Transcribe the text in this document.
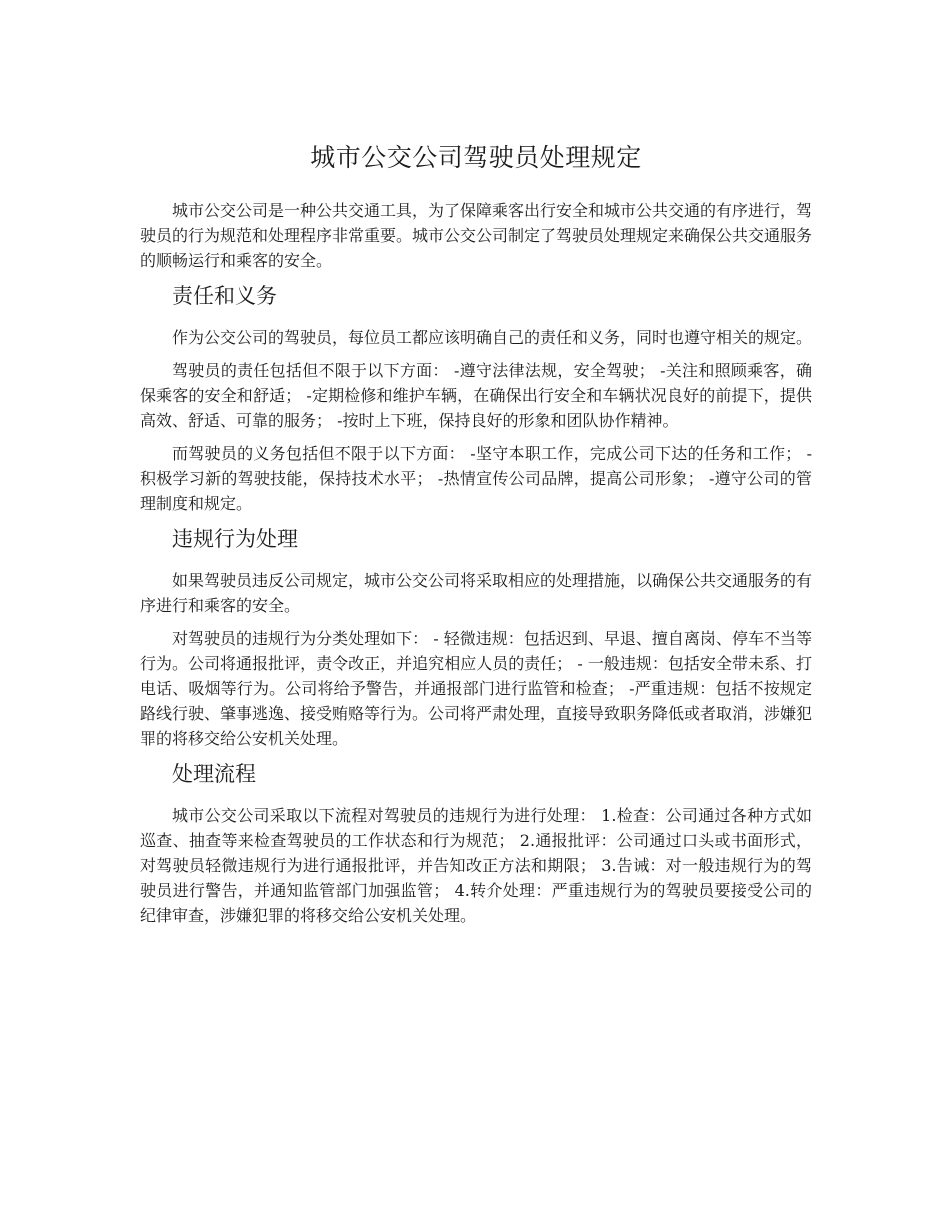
城市公交公司驾驶员处理规定

城市公交公司是一种公共交通工具，为了保障乘客出行安全和城市公共交通的有序进行，驾驶员的行为规范和处理程序非常重要。城市公交公司制定了驾驶员处理规定来确保公共交通服务的顺畅运行和乘客的安全。

责任和义务

作为公交公司的驾驶员，每位员工都应该明确自己的责任和义务，同时也遵守相关的规定。

驾驶员的责任包括但不限于以下方面： -遵守法律法规，安全驾驶； -关注和照顾乘客，确保乘客的安全和舒适； -定期检修和维护车辆，在确保出行安全和车辆状况良好的前提下，提供高效、舒适、可靠的服务； -按时上下班，保持良好的形象和团队协作精神。

而驾驶员的义务包括但不限于以下方面： -坚守本职工作，完成公司下达的任务和工作； -积极学习新的驾驶技能，保持技术水平； -热情宣传公司品牌，提高公司形象； -遵守公司的管理制度和规定。

违规行为处理

如果驾驶员违反公司规定，城市公交公司将采取相应的处理措施，以确保公共交通服务的有序进行和乘客的安全。

对驾驶员的违规行为分类处理如下： - 轻微违规：包括迟到、早退、擅自离岗、停车不当等行为。公司将通报批评，责令改正，并追究相应人员的责任； - 一般违规：包括安全带未系、打电话、吸烟等行为。公司将给予警告，并通报部门进行监管和检查； -严重违规：包括不按规定路线行驶、肇事逃逸、接受贿赂等行为。公司将严肃处理，直接导致职务降低或者取消，涉嫌犯罪的将移交给公安机关处理。

处理流程

城市公交公司采取以下流程对驾驶员的违规行为进行处理： 1.检查：公司通过各种方式如巡查、抽查等来检查驾驶员的工作状态和行为规范； 2.通报批评：公司通过口头或书面形式，对驾驶员轻微违规行为进行通报批评，并告知改正方法和期限； 3.告诫：对一般违规行为的驾驶员进行警告，并通知监管部门加强监管； 4.转介处理：严重违规行为的驾驶员要接受公司的纪律审查，涉嫌犯罪的将移交给公安机关处理。
